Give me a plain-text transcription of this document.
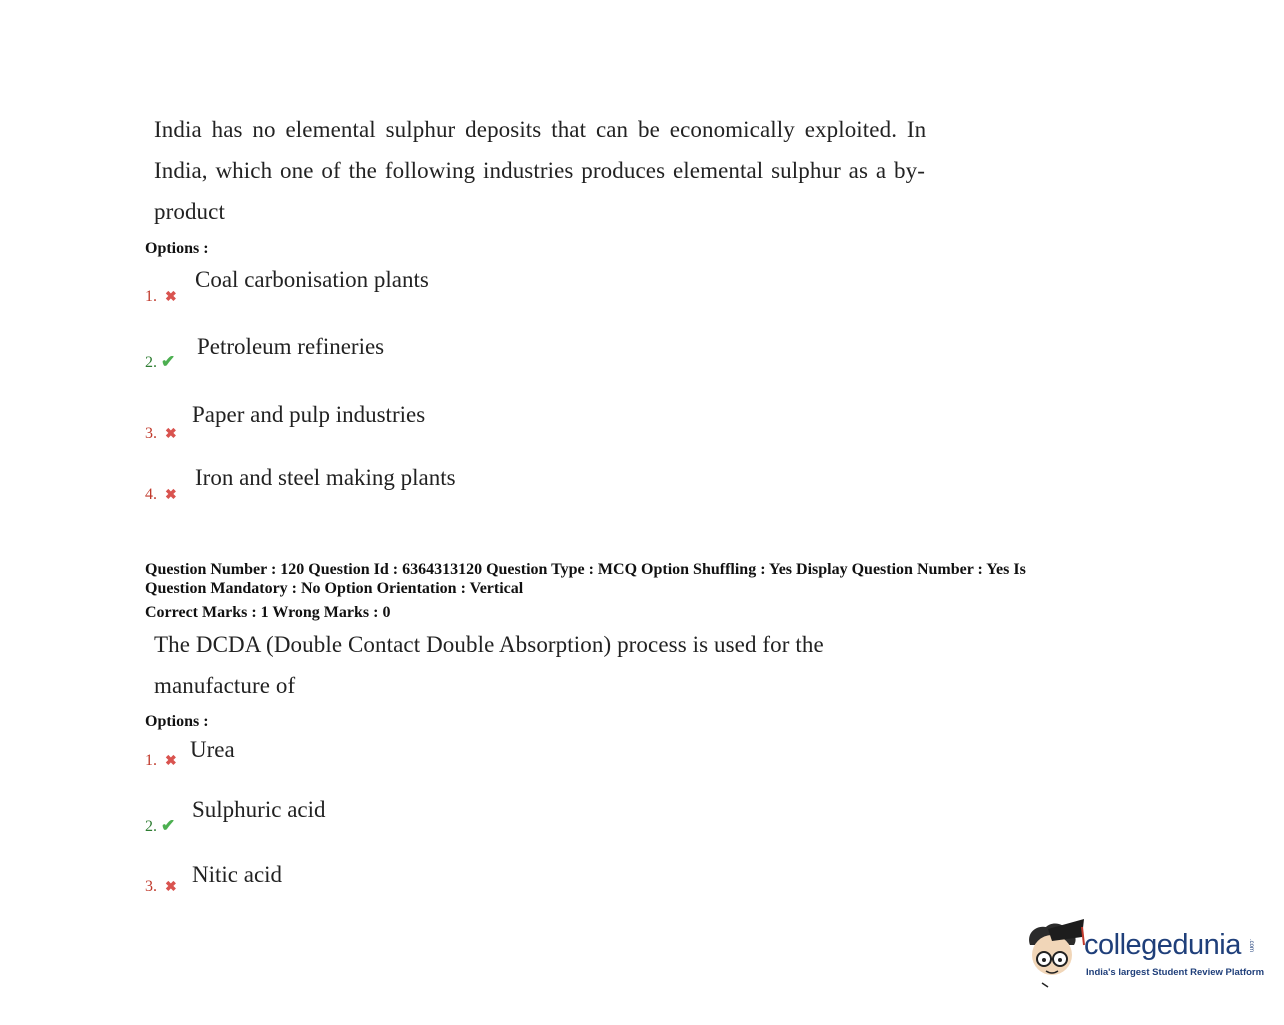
India has no elemental sulphur deposits that can be economically exploited. In
India, which one of the following industries produces elemental sulphur as a by-
product
Options :
1. ✖
Coal carbonisation plants
2. ✔
Petroleum refineries
3. ✖
Paper and pulp industries
4. ✖
Iron and steel making plants
Question Number : 120 Question Id : 6364313120 Question Type : MCQ Option Shuffling : Yes Display Question Number : Yes Is
Question Mandatory : No Option Orientation : Vertical
Correct Marks : 1 Wrong Marks : 0
The DCDA (Double Contact Double Absorption) process is used for the
manufacture of
Options :
1. ✖ Urea
2. ✔
Sulphuric acid
3. ✖
Nitic acid
collegedunia .com
India's largest Student Review Platform
